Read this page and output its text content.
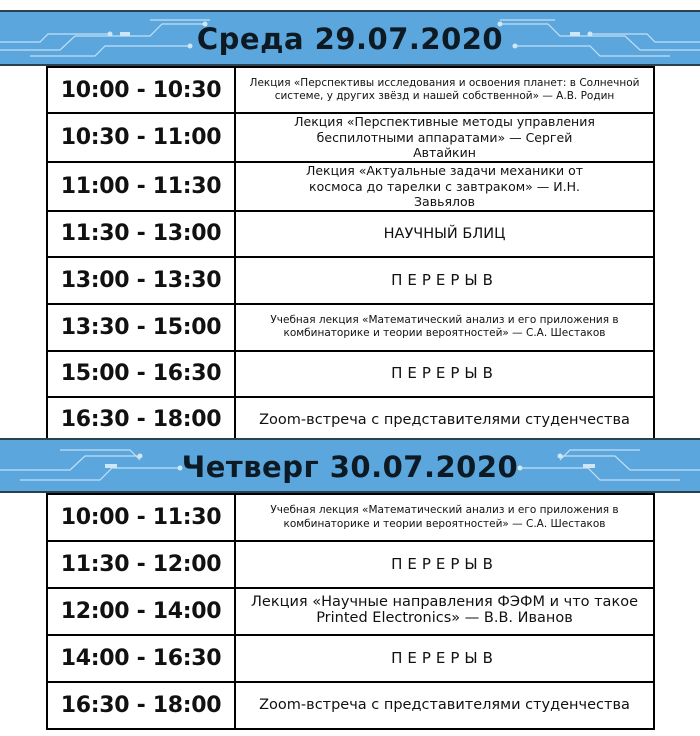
Среда 29.07.2020
10:00 - 10:30	Лекция «Перспективы исследования и освоения планет: в Солнечной системе, у других звёзд и нашей собственной» — А.В. Родин
10:30 - 11:00	Лекция «Перспективные методы управления беспилотными аппаратами» — Сергей Автайкин
11:00 - 11:30	Лекция «Актуальные задачи механики от космоса до тарелки с завтраком» — И.Н. Завьялов
11:30 - 13:00	НАУЧНЫЙ БЛИЦ
13:00 - 13:30	ПЕРЕРЫВ
13:30 - 15:00	Учебная лекция «Математический анализ и его приложения в комбинаторике и теории вероятностей» — С.А. Шестаков
15:00 - 16:30	ПЕРЕРЫВ
16:30 - 18:00	Zoom-встреча с представителями студенчества
Четверг 30.07.2020
10:00 - 11:30	Учебная лекция «Математический анализ и его приложения в комбинаторике и теории вероятностей» — С.А. Шестаков
11:30 - 12:00	ПЕРЕРЫВ
12:00 - 14:00	Лекция «Научные направления ФЭФМ и что такое Printed Electronics» — В.В. Иванов
14:00 - 16:30	ПЕРЕРЫВ
16:30 - 18:00	Zoom-встреча с представителями студенчества
